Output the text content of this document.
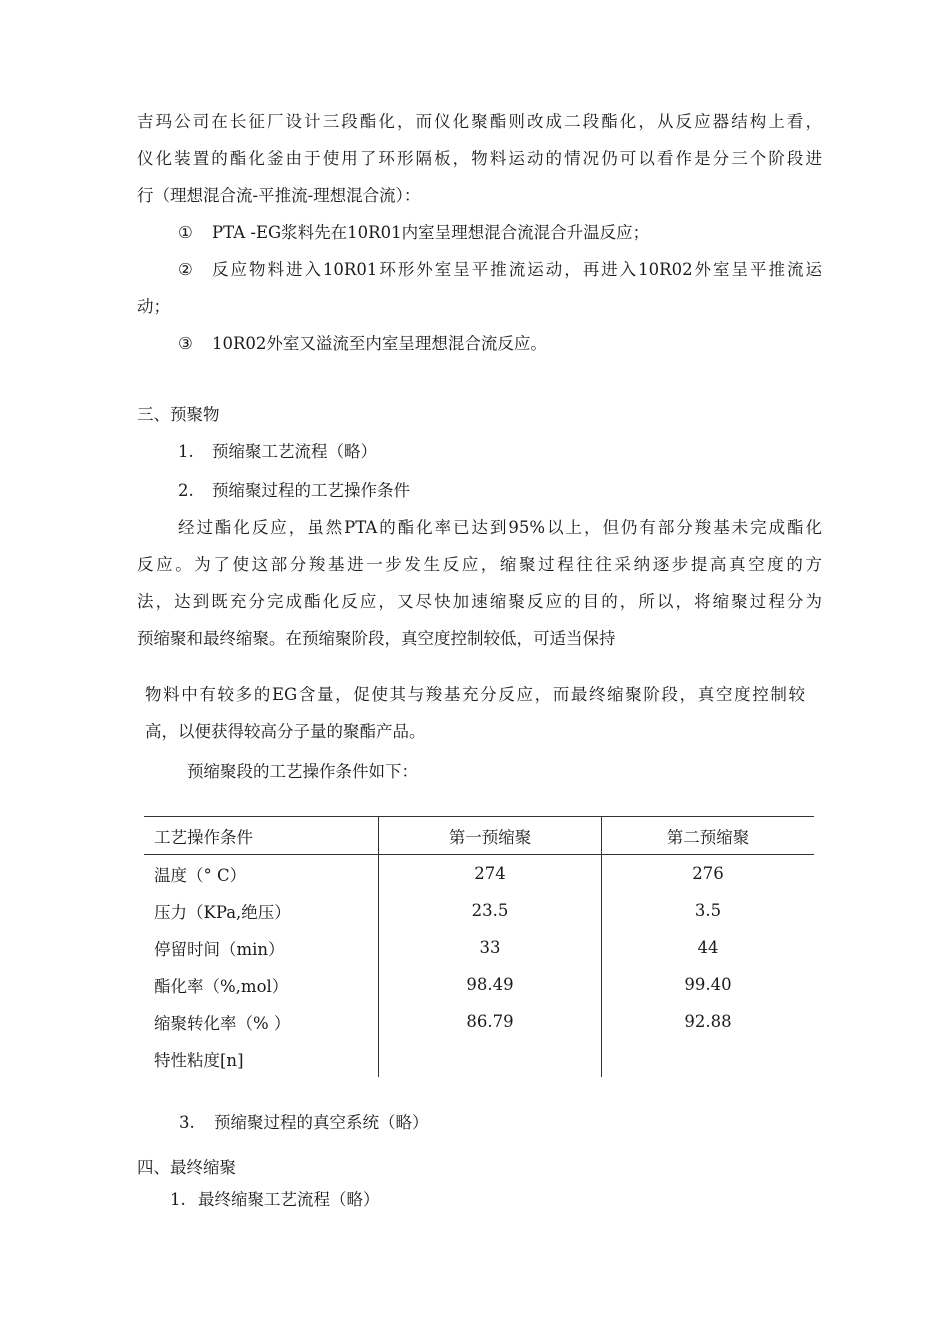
吉玛公司在长征厂设计三段酯化，而仪化聚酯则改成二段酯化，从反应器结构上看，
仪化装置的酯化釜由于使用了环形隔板，物料运动的情况仍可以看作是分三个阶段进
行（理想混合流-平推流-理想混合流）：
① PTA -EG浆料先在10R01内室呈理想混合流混合升温反应；
② 反应物料进入10R01环形外室呈平推流运动，再进入10R02外室呈平推流运
动；
③ 10R02外室又溢流至内室呈理想混合流反应。
三、预聚物
1. 预缩聚工艺流程（略）
2. 预缩聚过程的工艺操作条件
经过酯化反应，虽然PTA的酯化率已达到95%以上，但仍有部分羧基未完成酯化
反应。为了使这部分羧基进一步发生反应，缩聚过程往往采纳逐步提高真空度的方
法，达到既充分完成酯化反应，又尽快加速缩聚反应的目的，所以，将缩聚过程分为
预缩聚和最终缩聚。在预缩聚阶段，真空度控制较低，可适当保持
物料中有较多的EG含量，促使其与羧基充分反应，而最终缩聚阶段，真空度控制较
高，以便获得较高分子量的聚酯产品。
预缩聚段的工艺操作条件如下：
工艺操作条件	第一预缩聚	第二预缩聚
温度（° C）	274	276
压力（KPa,绝压）	23.5	3.5
停留时间（min）	33	44
酯化率（%,mol）	98.49	99.40
缩聚转化率（% ）	86.79	92.88
特性粘度[n]		
3. 预缩聚过程的真空系统（略）
四、最终缩聚
1. 最终缩聚工艺流程（略）
